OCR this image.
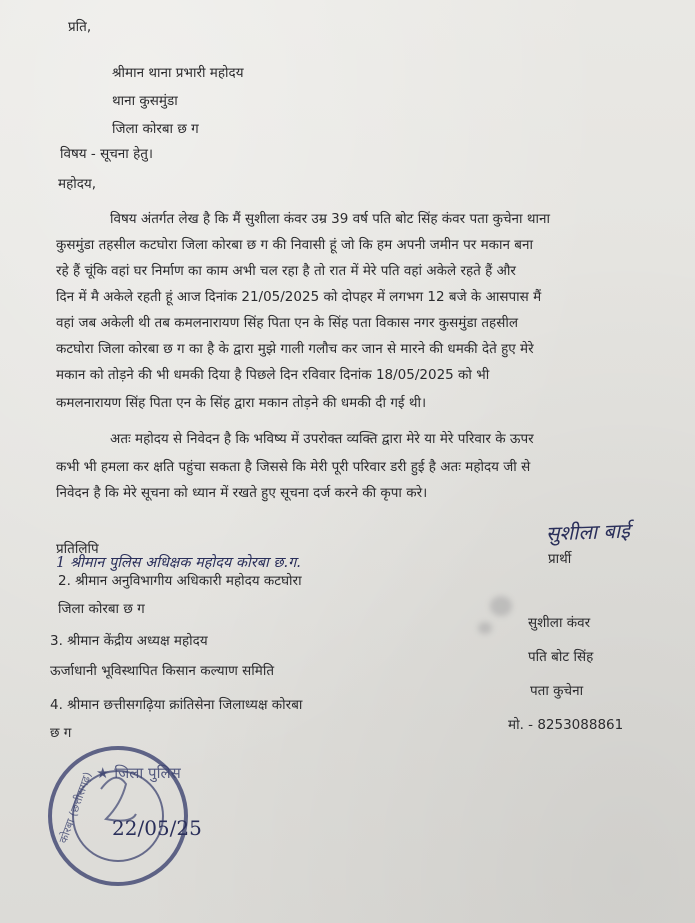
प्रति,
श्रीमान थाना प्रभारी महोदय
थाना कुसमुंडा
जिला कोरबा छ ग
विषय - सूचना हेतु।
महोदय,
विषय अंतर्गत लेख है कि मैं सुशीला कंवर उम्र 39 वर्ष पति बोट सिंह कंवर पता कुचेना थाना
कुसमुंडा तहसील कटघोरा जिला कोरबा छ ग की निवासी हूं जो कि हम अपनी जमीन पर मकान बना
रहे हैं चूंकि वहां घर निर्माण का काम अभी चल रहा है तो रात में मेरे पति वहां अकेले रहते हैं और
दिन में मै अकेले रहती हूं आज दिनांक 21/05/2025 को दोपहर में लगभग 12 बजे के आसपास मैं
वहां जब अकेली थी तब कमलनारायण सिंह पिता एन के सिंह पता विकास नगर कुसमुंडा तहसील
कटघोरा जिला कोरबा छ ग का है के द्वारा मुझे गाली गलौच कर जान से मारने की धमकी देते हुए मेरे
मकान को तोड़ने की भी धमकी दिया है पिछले दिन रविवार दिनांक 18/05/2025 को भी
कमलनारायण सिंह पिता एन के सिंह द्वारा मकान तोड़ने की धमकी दी गई थी।
अतः महोदय से निवेदन है कि भविष्य में उपरोक्त व्यक्ति द्वारा मेरे या मेरे परिवार के ऊपर
कभी भी हमला कर क्षति पहुंचा सकता है जिससे कि मेरी पूरी परिवार डरी हुई है अतः महोदय जी से
निवेदन है कि मेरे सूचना को ध्यान में रखते हुए सूचना दर्ज करने की कृपा करे।
सुशीला बाई
प्रार्थी
प्रतिलिपि
1 श्रीमान पुलिस अधिक्षक महोदय कोरबा छ.ग.
2. श्रीमान अनुविभागीय अधिकारी महोदय कटघोरा
जिला कोरबा छ ग
3. श्रीमान केंद्रीय अध्यक्ष महोदय
ऊर्जाधानी भूविस्थापित किसान कल्याण समिति
4. श्रीमान छत्तीसगढ़िया क्रांतिसेना जिलाध्यक्ष कोरबा
छ ग
सुशीला कंवर
पति बोट सिंह
पता कुचेना
मो. - 8253088861
★ जिला पुलिस
कोरबा (छत्तीसगढ़) 22/05/25
